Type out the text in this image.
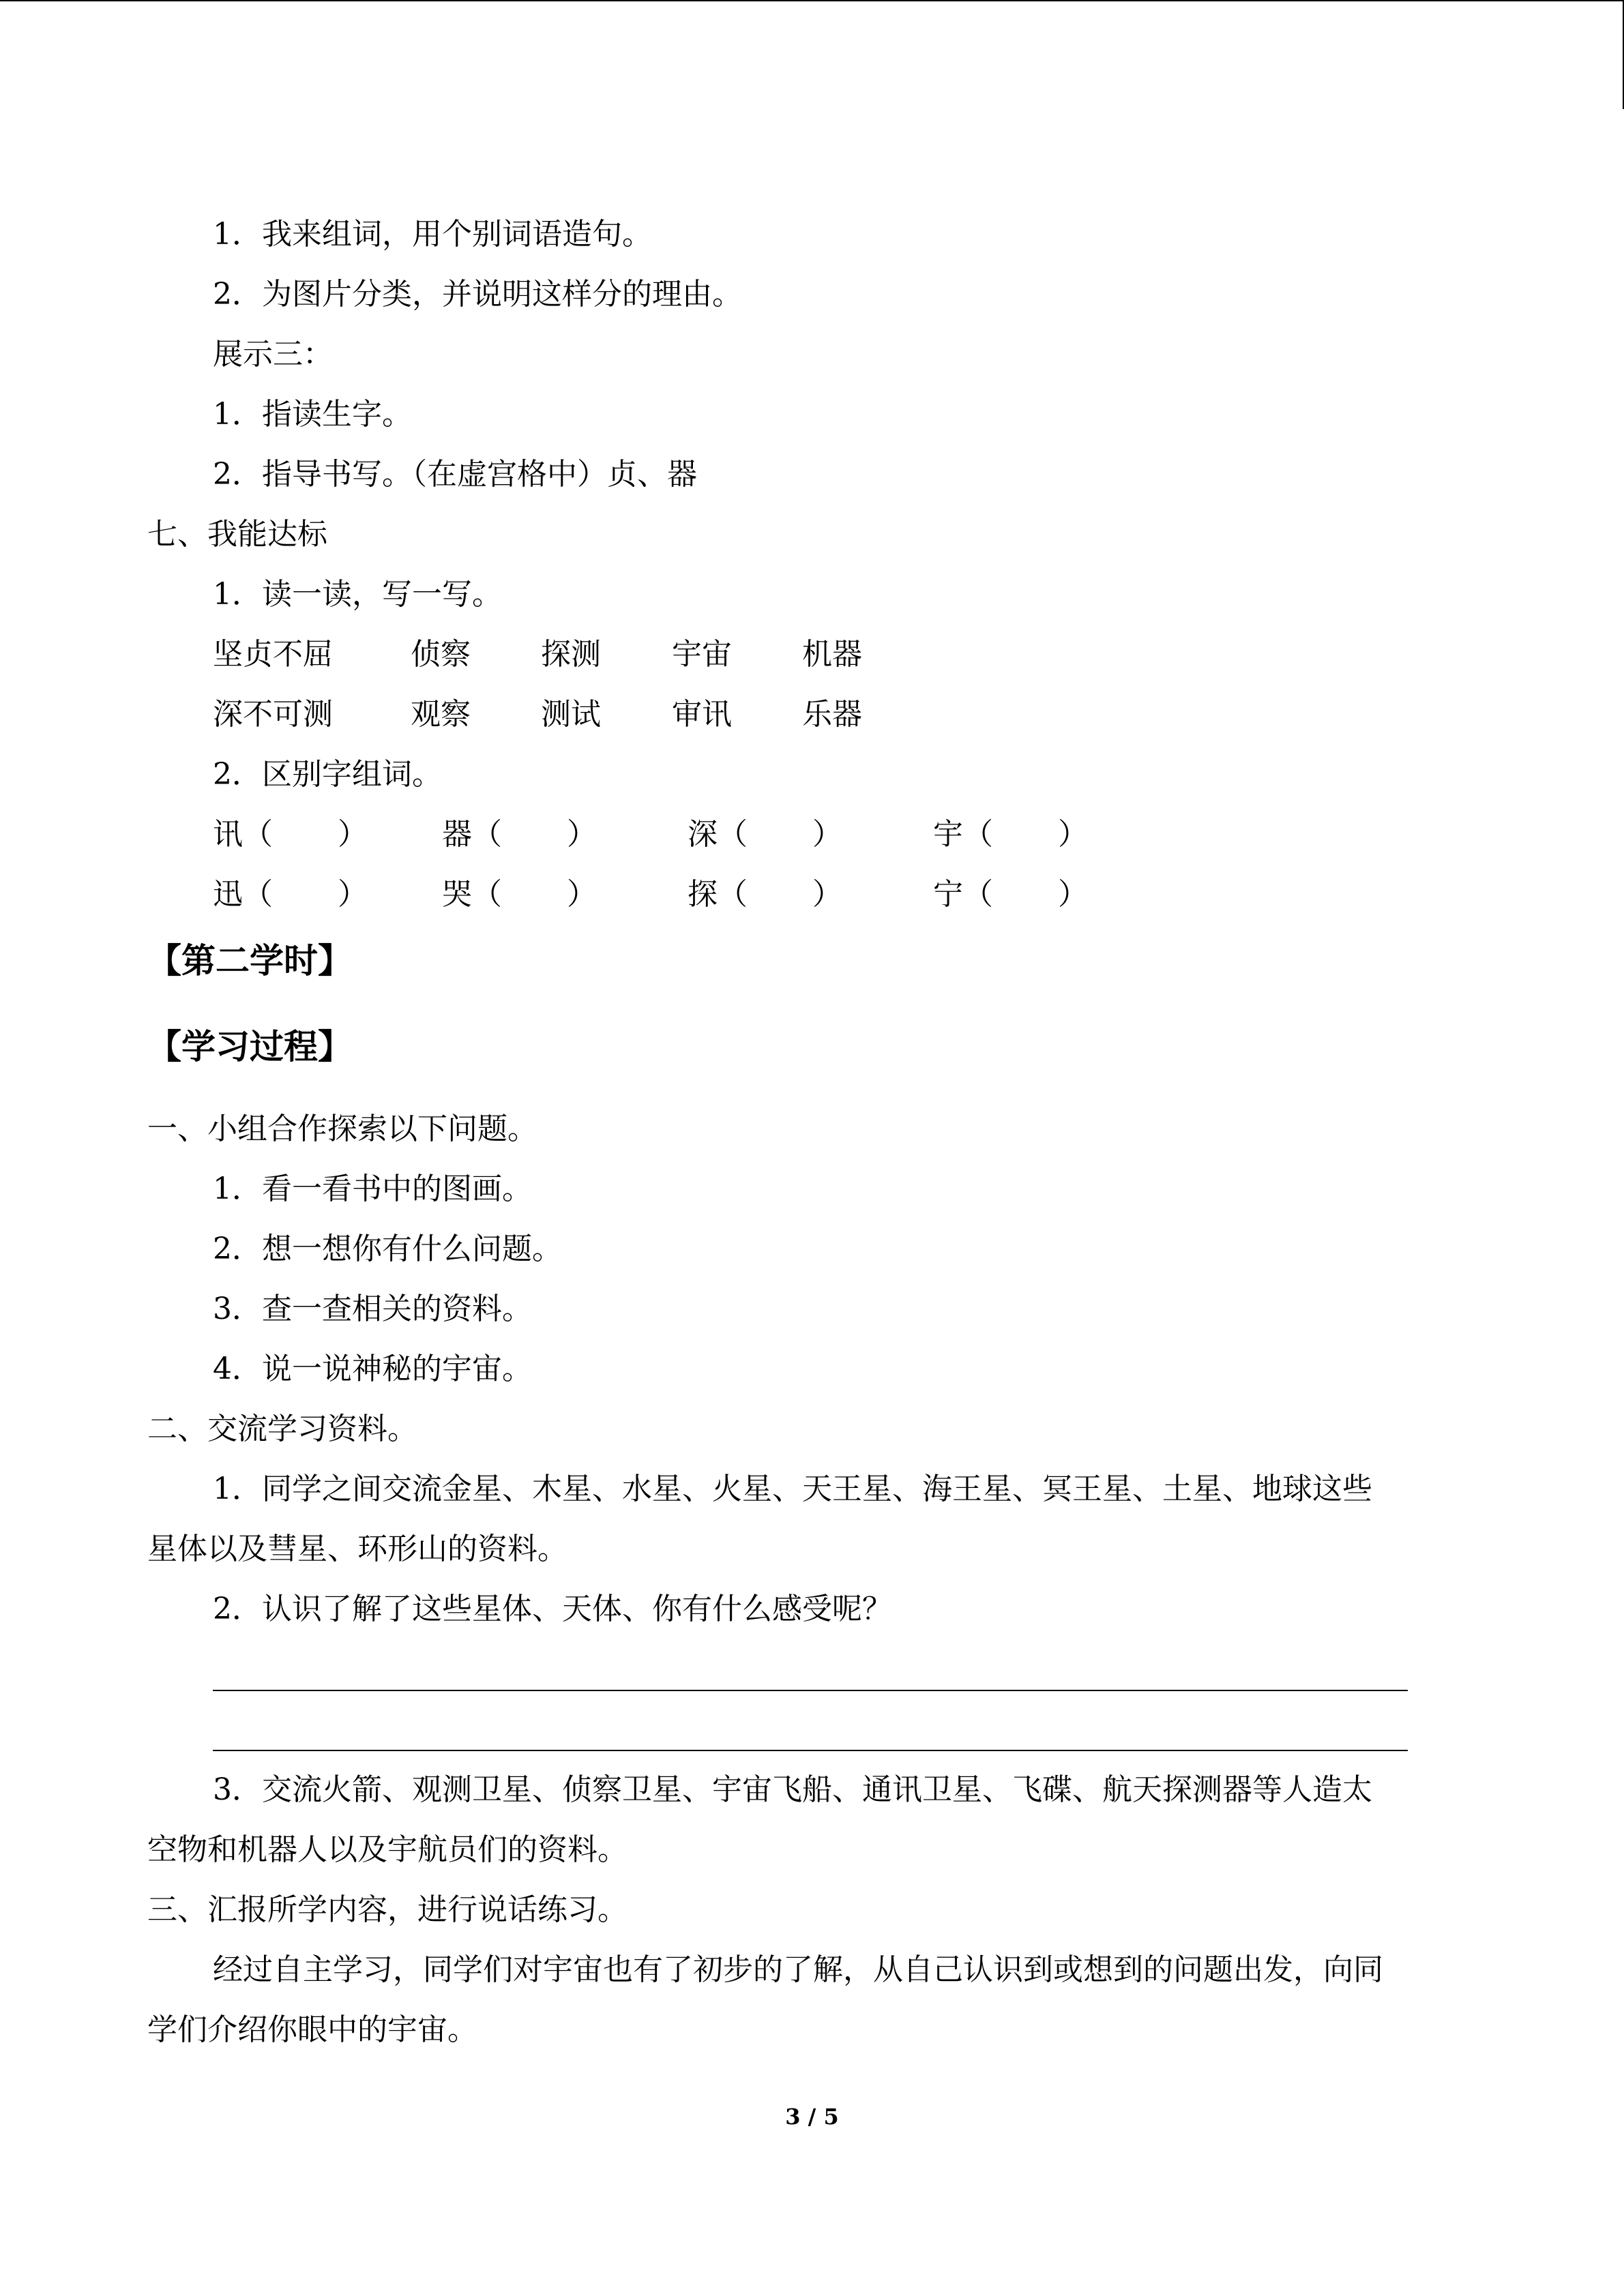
1．我来组词，用个别词语造句。
2．为图片分类，并说明这样分的理由。
展示三：
1．指读生字。
2．指导书写。（在虚宫格中）贞、器
七、我能达标
1．读一读，写一写。
坚贞不屈	侦察 探测 宇宙 机器
深不可测	观察 测试 审讯 乐器
2．区别字组词。
讯（ ） 器（ ）	深（ ）	宇（ ）
迅（ ） 哭（ ）	探（ ）	宁（ ）
【第二学时】
【学习过程】
一、小组合作探索以下问题。
1．看一看书中的图画。
2．想一想你有什么问题。
3．查一查相关的资料。
4．说一说神秘的宇宙。
二、交流学习资料。
1．同学之间交流金星、木星、水星、火星、天王星、海王星、冥王星、土星、地球这些
星体以及彗星、环形山的资料。
2．认识了解了这些星体、天体、你有什么感受呢？
3．交流火箭、观测卫星、侦察卫星、宇宙飞船、通讯卫星、飞碟、航天探测器等人造太
空物和机器人以及宇航员们的资料。
三、汇报所学内容，进行说话练习。
经过自主学习，同学们对宇宙也有了初步的了解，从自己认识到或想到的问题出发，向同
学们介绍你眼中的宇宙。
3 / 5
